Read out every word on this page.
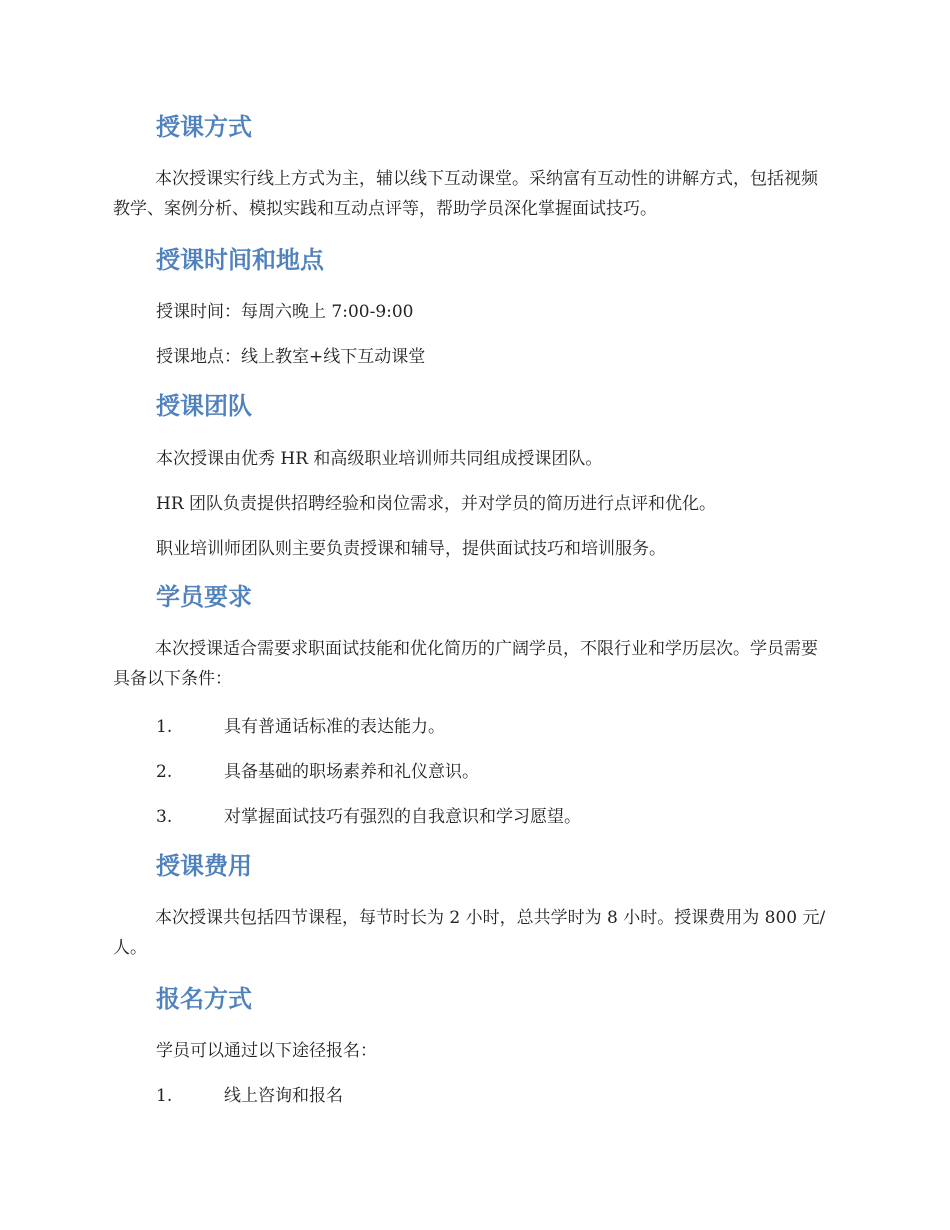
授课方式

本次授课实行线上方式为主，辅以线下互动课堂。采纳富有互动性的讲解方式，包括视频教学、案例分析、模拟实践和互动点评等，帮助学员深化掌握面试技巧。

授课时间和地点

授课时间：每周六晚上 7:00-9:00

授课地点：线上教室+线下互动课堂

授课团队

本次授课由优秀 HR 和高级职业培训师共同组成授课团队。

HR 团队负责提供招聘经验和岗位需求，并对学员的简历进行点评和优化。

职业培训师团队则主要负责授课和辅导，提供面试技巧和培训服务。

学员要求

本次授课适合需要求职面试技能和优化简历的广阔学员，不限行业和学历层次。学员需要具备以下条件：

1.	具有普通话标准的表达能力。
2.	具备基础的职场素养和礼仪意识。
3.	对掌握面试技巧有强烈的自我意识和学习愿望。
授课费用

本次授课共包括四节课程，每节时长为 2 小时，总共学时为 8 小时。授课费用为 800 元/人。

报名方式

学员可以通过以下途径报名：

1.	线上咨询和报名
